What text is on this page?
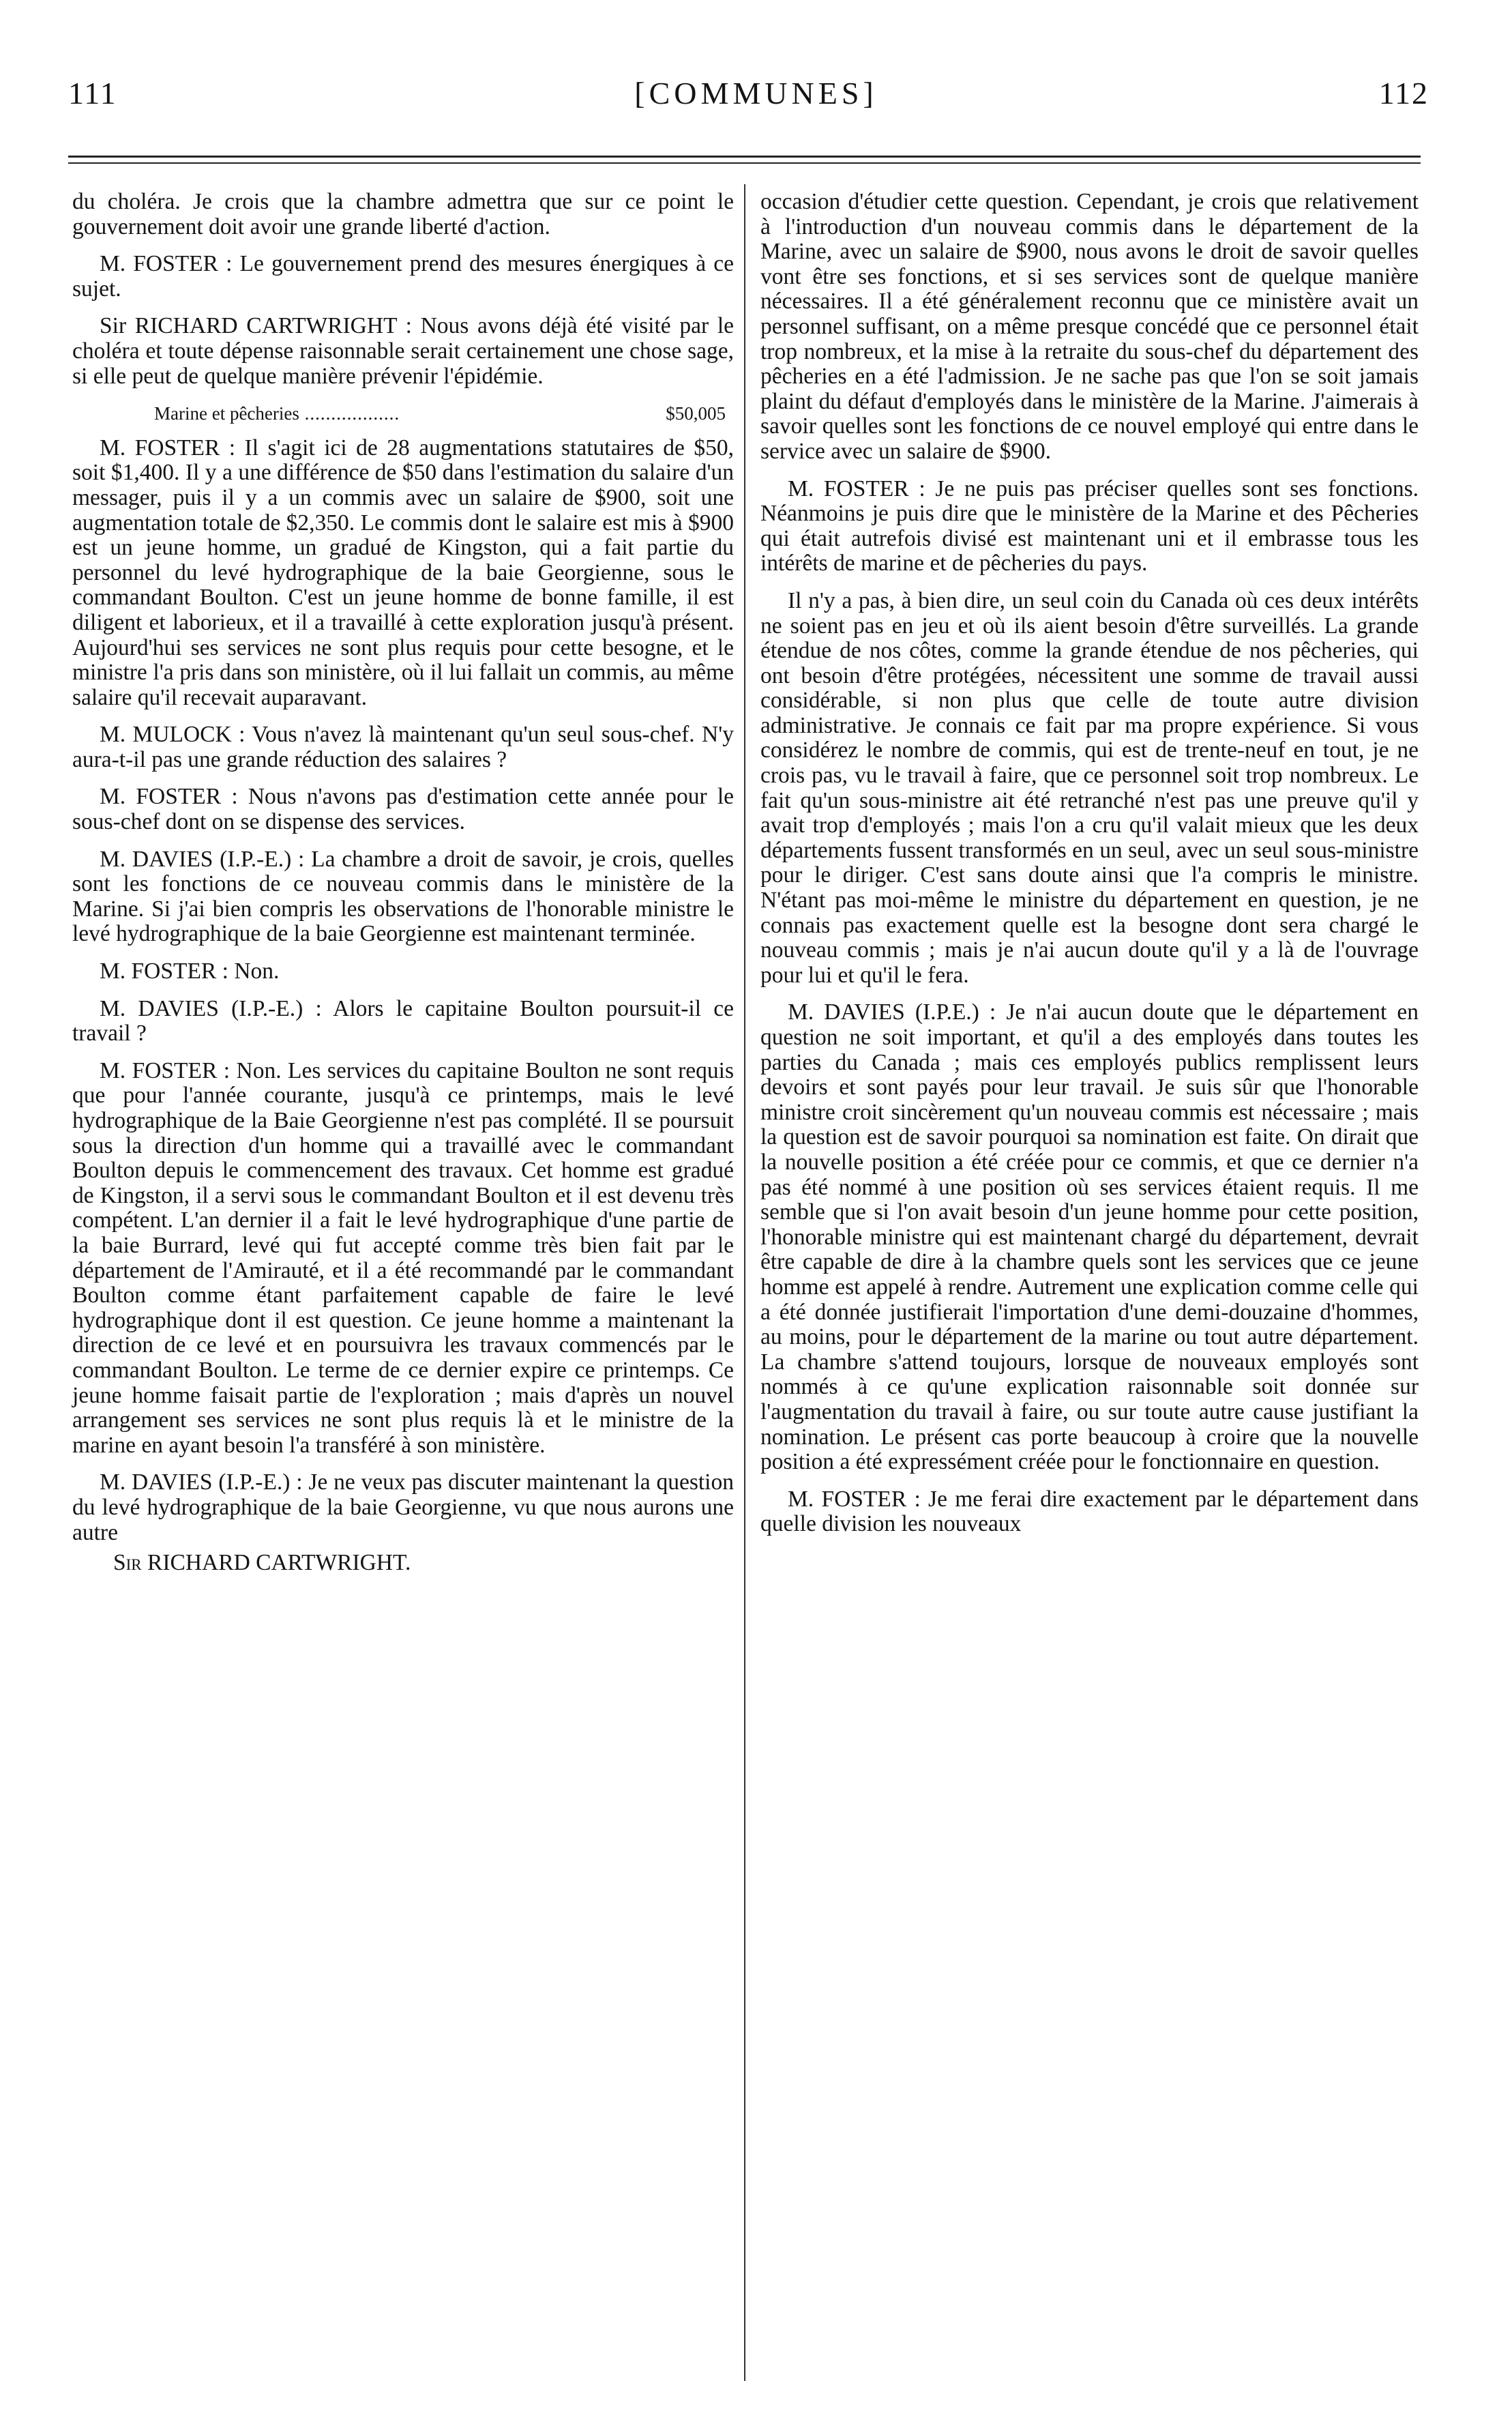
111	[COMMUNES]	112

du choléra. Je crois que la chambre admettra que sur ce point le gouvernement doit avoir une grande liberté d'action.

M. FOSTER : Le gouvernement prend des mesures énergiques à ce sujet.

Sir RICHARD CARTWRIGHT : Nous avons déjà été visité par le choléra et toute dépense raisonnable serait certainement une chose sage, si elle peut de quelque manière prévenir l'épidémie.

Marine et pêcheries .....	$50,005

M. FOSTER : Il s'agit ici de 28 augmentations statutaires de $50, soit $1,400. Il y a une différence de $50 dans l'estimation du salaire d'un messager, puis il y a un commis avec un salaire de $900, soit une augmentation totale de $2,350. Le commis dont le salaire est mis à $900 est un jeune homme, un gradué de Kingston, qui a fait partie du personnel du levé hydrographique de la baie Georgienne, sous le commandant Boulton. C'est un jeune homme de bonne famille, il est diligent et laborieux, et il a travaillé à cette exploration jusqu'à présent. Aujourd'hui ses services ne sont plus requis pour cette besogne, et le ministre l'a pris dans son ministère, où il lui fallait un commis, au même salaire qu'il recevait auparavant.

M. MULOCK : Vous n'avez là maintenant qu'un seul sous-chef. N'y aura-t-il pas une grande réduction des salaires ?

M. FOSTER : Nous n'avons pas d'estimation cette année pour le sous-chef dont on se dispense des services.

M. DAVIES (I.P.-E.) : La chambre a droit de savoir, je crois, quelles sont les fonctions de ce nouveau commis dans le ministère de la Marine. Si j'ai bien compris les observations de l'honorable ministre le levé hydrographique de la baie Georgienne est maintenant terminée.

M. FOSTER : Non.

M. DAVIES (I.P.-E.) : Alors le capitaine Boulton poursuit-il ce travail ?

M. FOSTER : Non. Les services du capitaine Boulton ne sont requis que pour l'année courante, jusqu'à ce printemps, mais le levé hydrographique de la Baie Georgienne n'est pas complété. Il se poursuit sous la direction d'un homme qui a travaillé avec le commandant Boulton depuis le commencement des travaux. Cet homme est gradué de Kingston, il a servi sous le commandant Boulton et il est devenu très compétent. L'an dernier il a fait le levé hydrographique d'une partie de la baie Burrard, levé qui fut accepté comme très bien fait par le département de l'Amirauté, et il a été recommandé par le commandant Boulton comme étant parfaitement capable de faire le levé hydrographique dont il est question. Ce jeune homme a maintenant la direction de ce levé et en poursuivra les travaux commencés par le commandant Boulton. Le terme de ce dernier expire ce printemps. Ce jeune homme faisait partie de l'exploration ; mais d'après un nouvel arrangement ses services ne sont plus requis là et le ministre de la marine en ayant besoin l'a transféré à son ministère.

M. DAVIES (I.P.-E.) : Je ne veux pas discuter maintenant la question du levé hydrographique de la baie Georgienne, vu que nous aurons une autre

Sir RICHARD CARTWRIGHT.

occasion d'étudier cette question. Cependant, je crois que relativement à l'introduction d'un nouveau commis dans le département de la Marine, avec un salaire de $900, nous avons le droit de savoir quelles vont être ses fonctions, et si ses services sont de quelque manière nécessaires. Il a été généralement reconnu que ce ministère avait un personnel suffisant, on a même presque concédé que ce personnel était trop nombreux, et la mise à la retraite du sous-chef du département des pêcheries en a été l'admission. Je ne sache pas que l'on se soit jamais plaint du défaut d'employés dans le ministère de la Marine. J'aimerais à savoir quelles sont les fonctions de ce nouvel employé qui entre dans le service avec un salaire de $900.

M. FOSTER : Je ne puis pas préciser quelles sont ses fonctions. Néanmoins je puis dire que le ministère de la Marine et des Pêcheries qui était autrefois divisé est maintenant uni et il embrasse tous les intérêts de marine et de pêcheries du pays.

Il n'y a pas, à bien dire, un seul coin du Canada où ces deux intérêts ne soient pas en jeu et où ils aient besoin d'être surveillés. La grande étendue de nos côtes, comme la grande étendue de nos pêcheries, qui ont besoin d'être protégées, nécessitent une somme de travail aussi considérable, si non plus que celle de toute autre division administrative. Je connais ce fait par ma propre expérience. Si vous considérez le nombre de commis, qui est de trente-neuf en tout, je ne crois pas, vu le travail à faire, que ce personnel soit trop nombreux. Le fait qu'un sous-ministre ait été retranché n'est pas une preuve qu'il y avait trop d'employés ; mais l'on a cru qu'il valait mieux que les deux départements fussent transformés en un seul, avec un seul sous-ministre pour le diriger. C'est sans doute ainsi que l'a compris le ministre. N'étant pas moi-même le ministre du département en question, je ne connais pas exactement quelle est la besogne dont sera chargé le nouveau commis ; mais je n'ai aucun doute qu'il y a là de l'ouvrage pour lui et qu'il le fera.

M. DAVIES (I.P.E.) : Je n'ai aucun doute que le département en question ne soit important, et qu'il a des employés dans toutes les parties du Canada ; mais ces employés publics remplissent leurs devoirs et sont payés pour leur travail. Je suis sûr que l'honorable ministre croit sincèrement qu'un nouveau commis est nécessaire ; mais la question est de savoir pourquoi sa nomination est faite. On dirait que la nouvelle position a été créée pour ce commis, et que ce dernier n'a pas été nommé à une position où ses services étaient requis. Il me semble que si l'on avait besoin d'un jeune homme pour cette position, l'honorable ministre qui est maintenant chargé du département, devrait être capable de dire à la chambre quels sont les services que ce jeune homme est appelé à rendre. Autrement une explication comme celle qui a été donnée justifierait l'importation d'une demi-douzaine d'hommes, au moins, pour le département de la marine ou tout autre département. La chambre s'attend toujours, lorsque de nouveaux employés sont nommés à ce qu'une explication raisonnable soit donnée sur l'augmentation du travail à faire, ou sur toute autre cause justifiant la nomination. Le présent cas porte beaucoup à croire que la nouvelle position a été expressément créée pour le fonctionnaire en question.

M. FOSTER : Je me ferai dire exactement par le département dans quelle division les nouveaux
